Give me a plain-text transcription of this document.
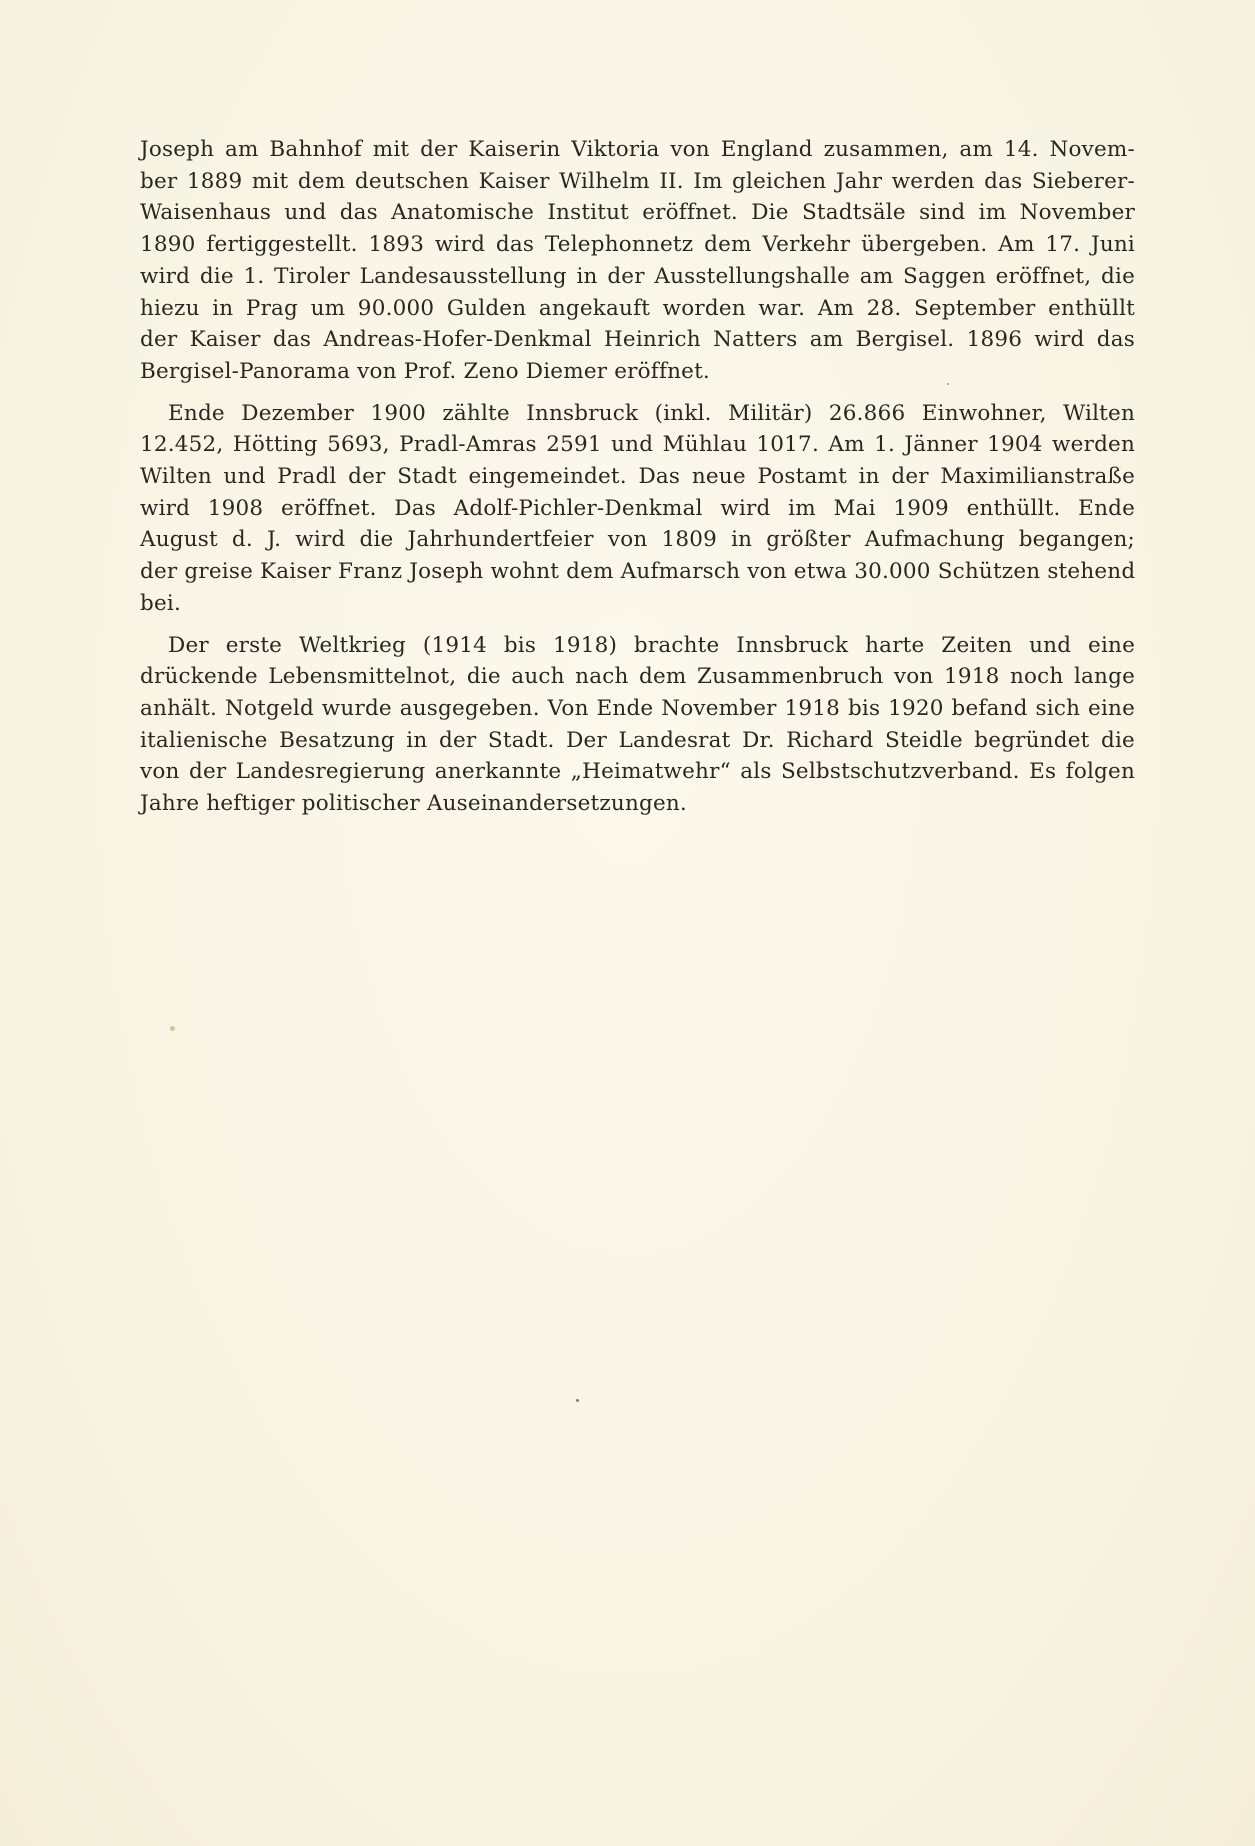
Joseph am Bahnhof mit der Kaiserin Viktoria von England zusammen, am 14. Novem-
ber 1889 mit dem deutschen Kaiser Wilhelm II. Im gleichen Jahr werden das Sieberer-
Waisenhaus und das Anatomische Institut eröffnet. Die Stadtsäle sind im November
1890 fertiggestellt. 1893 wird das Telephonnetz dem Verkehr übergeben. Am 17. Juni
wird die 1. Tiroler Landesausstellung in der Ausstellungshalle am Saggen eröffnet, die
hiezu in Prag um 90.000 Gulden angekauft worden war. Am 28. September enthüllt
der Kaiser das Andreas-Hofer-Denkmal Heinrich Natters am Bergisel. 1896 wird das
Bergisel-Panorama von Prof. Zeno Diemer eröffnet.

Ende Dezember 1900 zählte Innsbruck (inkl. Militär) 26.866 Einwohner, Wilten
12.452, Hötting 5693, Pradl-Amras 2591 und Mühlau 1017. Am 1. Jänner 1904 werden
Wilten und Pradl der Stadt eingemeindet. Das neue Postamt in der Maximilianstraße
wird 1908 eröffnet. Das Adolf-Pichler-Denkmal wird im Mai 1909 enthüllt. Ende
August d. J. wird die Jahrhundertfeier von 1809 in größter Aufmachung begangen;
der greise Kaiser Franz Joseph wohnt dem Aufmarsch von etwa 30.000 Schützen stehend
bei.

Der erste Weltkrieg (1914 bis 1918) brachte Innsbruck harte Zeiten und eine
drückende Lebensmittelnot, die auch nach dem Zusammenbruch von 1918 noch lange
anhält. Notgeld wurde ausgegeben. Von Ende November 1918 bis 1920 befand sich eine
italienische Besatzung in der Stadt. Der Landesrat Dr. Richard Steidle begründet die
von der Landesregierung anerkannte „Heimatwehr“ als Selbstschutzverband. Es folgen
Jahre heftiger politischer Auseinandersetzungen.
